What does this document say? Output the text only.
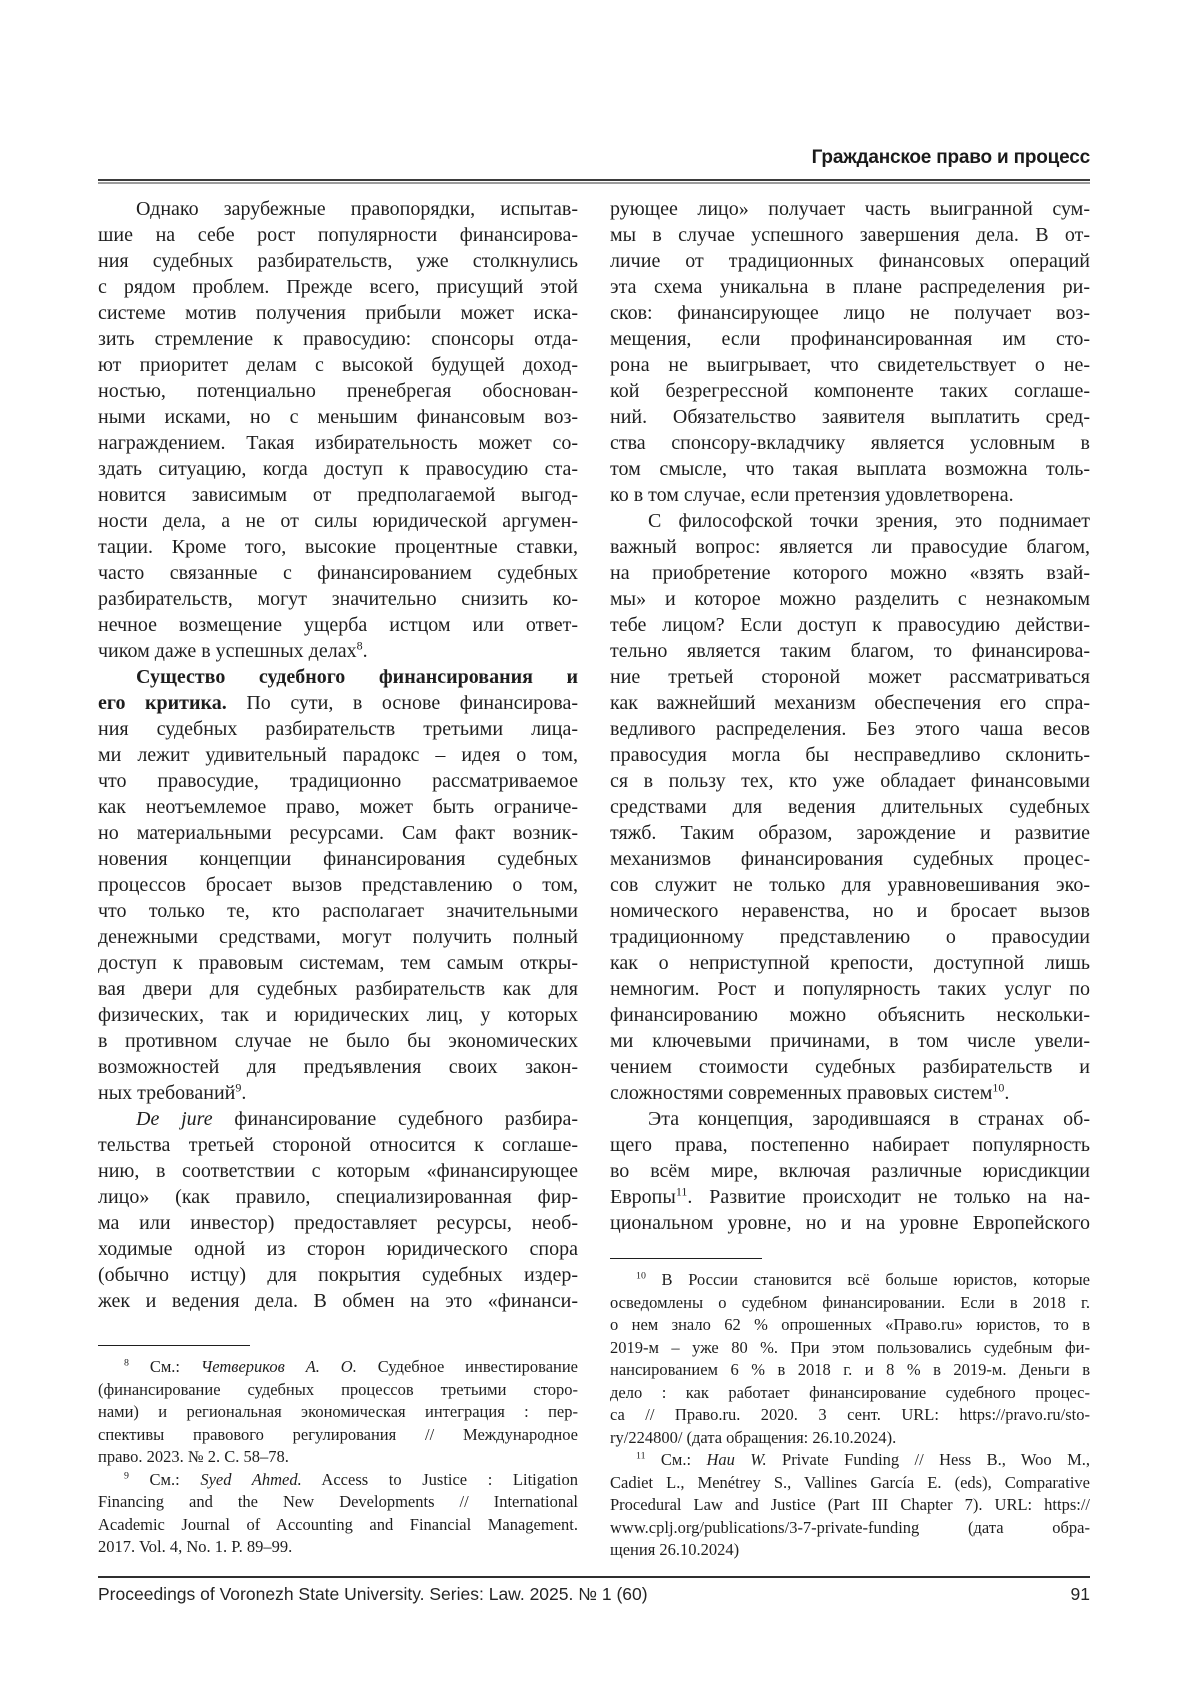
Гражданское право и процесс
Однако зарубежные правопорядки, испытав-
шие на себе рост популярности финансирова-
ния судебных разбирательств, уже столкнулись
с рядом проблем. Прежде всего, присущий этой
системе мотив получения прибыли может иска-
зить стремление к правосудию: спонсоры отда-
ют приоритет делам с высокой будущей доход-
ностью, потенциально пренебрегая обоснован-
ными исками, но с меньшим финансовым воз-
награждением. Такая избирательность может со-
здать ситуацию, когда доступ к правосудию ста-
новится зависимым от предполагаемой выгод-
ности дела, а не от силы юридической аргумен-
тации. Кроме того, высокие процентные ставки,
часто связанные с финансированием судебных
разбирательств, могут значительно снизить ко-
нечное возмещение ущерба истцом или ответ-
чиком даже в успешных делах$^8$.
Существо судебного финансирования и
его критика. По сути, в основе финансирова-
ния судебных разбирательств третьими лица-
ми лежит удивительный парадокс – идея о том,
что правосудие, традиционно рассматриваемое
как неотъемлемое право, может быть ограниче-
но материальными ресурсами. Сам факт возник-
новения концепции финансирования судебных
процессов бросает вызов представлению о том,
что только те, кто располагает значительными
денежными средствами, могут получить полный
доступ к правовым системам, тем самым откры-
вая двери для судебных разбирательств как для
физических, так и юридических лиц, у которых
в противном случае не было бы экономических
возможностей для предъявления своих закон-
ных требований$^9$.
De jure финансирование судебного разбира-
тельства третьей стороной относится к соглаше-
нию, в соответствии с которым «финансирующее
лицо» (как правило, специализированная фир-
ма или инвестор) предоставляет ресурсы, необ-
ходимые одной из сторон юридического спора
(обычно истцу) для покрытия судебных издер-
жек и ведения дела. В обмен на это «финанси-
рующее лицо» получает часть выигранной сум-
мы в случае успешного завершения дела. В от-
личие от традиционных финансовых операций
эта схема уникальна в плане распределения ри-
сков: финансирующее лицо не получает воз-
мещения, если профинансированная им сто-
рона не выигрывает, что свидетельствует о не-
кой безрегрессной компоненте таких соглаше-
ний. Обязательство заявителя выплатить сред-
ства спонсору-вкладчику является условным в
том смысле, что такая выплата возможна толь-
ко в том случае, если претензия удовлетворена.
С философской точки зрения, это поднимает
важный вопрос: является ли правосудие благом,
на приобретение которого можно «взять взай-
мы» и которое можно разделить с незнакомым
тебе лицом? Если доступ к правосудию действи-
тельно является таким благом, то финансирова-
ние третьей стороной может рассматриваться
как важнейший механизм обеспечения его спра-
ведливого распределения. Без этого чаша весов
правосудия могла бы несправедливо склонить-
ся в пользу тех, кто уже обладает финансовыми
средствами для ведения длительных судебных
тяжб. Таким образом, зарождение и развитие
механизмов финансирования судебных процес-
сов служит не только для уравновешивания эко-
номического неравенства, но и бросает вызов
традиционному представлению о правосудии
как о неприступной крепости, доступной лишь
немногим. Рост и популярность таких услуг по
финансированию можно объяснить нескольки-
ми ключевыми причинами, в том числе увели-
чением стоимости судебных разбирательств и
сложностями современных правовых систем$^{10}$.
Эта концепция, зародившаяся в странах об-
щего права, постепенно набирает популярность
во всём мире, включая различные юрисдикции
Европы$^{11}$. Развитие происходит не только на на-
циональном уровне, но и на уровне Европейского
$^8$ См.: Четвериков А. О. Судебное инвестирование
(финансирование судебных процессов третьими сторо-
нами) и региональная экономическая интеграция : пер-
спективы правового регулирования // Международное
право. 2023. № 2. С. 58–78.
$^9$ См.: Syed Ahmed. Access to Justice : Litigation
Financing and the New Developments // International
Academic Journal of Accounting and Financial Management.
2017. Vol. 4, No. 1. P. 89–99.
$^{10}$ В России становится всё больше юристов, которые
осведомлены о судебном финансировании. Если в 2018 г.
о нем знало 62 % опрошенных «Право.ru» юристов, то в
2019-м – уже 80 %. При этом пользовались судебным фи-
нансированием 6 % в 2018 г. и 8 % в 2019-м. Деньги в
дело : как работает финансирование судебного процес-
са // Право.ru. 2020. 3 сент. URL: https://pravo.ru/sto-
ry/224800/ (дата обращения: 26.10.2024).
$^{11}$ См.: Hau W. Private Funding // Hess B., Woo M.,
Cadiet L., Menétrey S., Vallines García E. (eds), Comparative
Procedural Law and Justice (Part III Chapter 7). URL: https://
www.cplj.org/publications/3-7-private-funding (дата обра-
щения 26.10.2024)
Proceedings of Voronezh State University. Series: Law. 2025. № 1 (60)	91
